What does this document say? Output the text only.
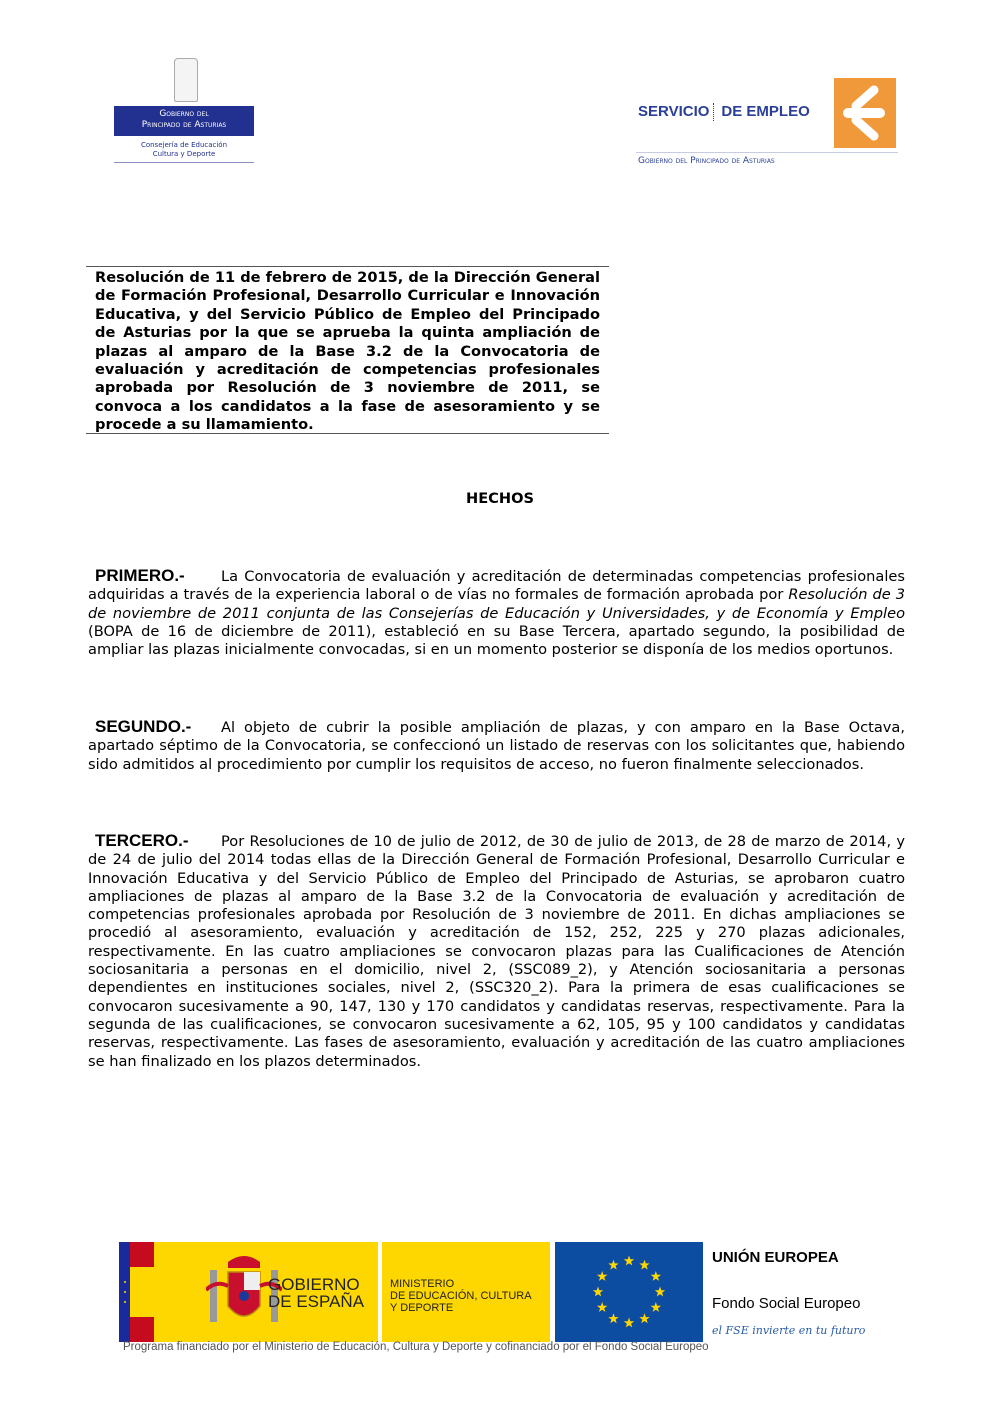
Gobierno del
Principado de Asturias
Consejería de Educación
Cultura y Deporte
SERVICIO DE EMPLEO
Gobierno del Principado de Asturias
Resolución de 11 de febrero de 2015, de la Dirección General de Formación Profesional, Desarrollo Curricular e Innovación Educativa, y del Servicio Público de Empleo del Principado de Asturias por la que se aprueba la quinta ampliación de plazas al amparo de la Base 3.2 de la Convocatoria de evaluación y acreditación de competencias profesionales aprobada por Resolución de 3 noviembre de 2011, se convoca a los candidatos a la fase de asesoramiento y se procede a su llamamiento.
HECHOS
PRIMERO.- La Convocatoria de evaluación y acreditación de determinadas competencias profesionales adquiridas a través de la experiencia laboral o de vías no formales de formación aprobada por Resolución de 3 de noviembre de 2011 conjunta de las Consejerías de Educación y Universidades, y de Economía y Empleo (BOPA de 16 de diciembre de 2011), estableció en su Base Tercera, apartado segundo, la posibilidad de ampliar las plazas inicialmente convocadas, si en un momento posterior se disponía de los medios oportunos.
SEGUNDO.- Al objeto de cubrir la posible ampliación de plazas, y con amparo en la Base Octava, apartado séptimo de la Convocatoria, se confeccionó un listado de reservas con los solicitantes que, habiendo sido admitidos al procedimiento por cumplir los requisitos de acceso, no fueron finalmente seleccionados.
TERCERO.- Por Resoluciones de 10 de julio de 2012, de 30 de julio de 2013, de 28 de marzo de 2014, y de 24 de julio del 2014 todas ellas de la Dirección General de Formación Profesional, Desarrollo Curricular e Innovación Educativa y del Servicio Público de Empleo del Principado de Asturias, se aprobaron cuatro ampliaciones de plazas al amparo de la Base 3.2 de la Convocatoria de evaluación y acreditación de competencias profesionales aprobada por Resolución de 3 noviembre de 2011. En dichas ampliaciones se procedió al asesoramiento, evaluación y acreditación de 152, 252, 225 y 270 plazas adicionales, respectivamente. En las cuatro ampliaciones se convocaron plazas para las Cualificaciones de Atención sociosanitaria a personas en el domicilio, nivel 2, (SSC089_2), y Atención sociosanitaria a personas dependientes en instituciones sociales, nivel 2, (SSC320_2). Para la primera de esas cualificaciones se convocaron sucesivamente a 90, 147, 130 y 170 candidatos y candidatas reservas, respectivamente. Para la segunda de las cualificaciones, se convocaron sucesivamente a 62, 105, 95 y 100 candidatos y candidatas reservas, respectivamente. Las fases de asesoramiento, evaluación y acreditación de las cuatro ampliaciones se han finalizado en los plazos determinados.
GOBIERNO
DE ESPAÑA
MINISTERIO
DE EDUCACIÓN, CULTURA
Y DEPORTE
UNIÓN EUROPEA
Fondo Social Europeo
el FSE invierte en tu futuro
Programa financiado por el Ministerio de Educación, Cultura y Deporte y cofinanciado por el Fondo Social Europeo
